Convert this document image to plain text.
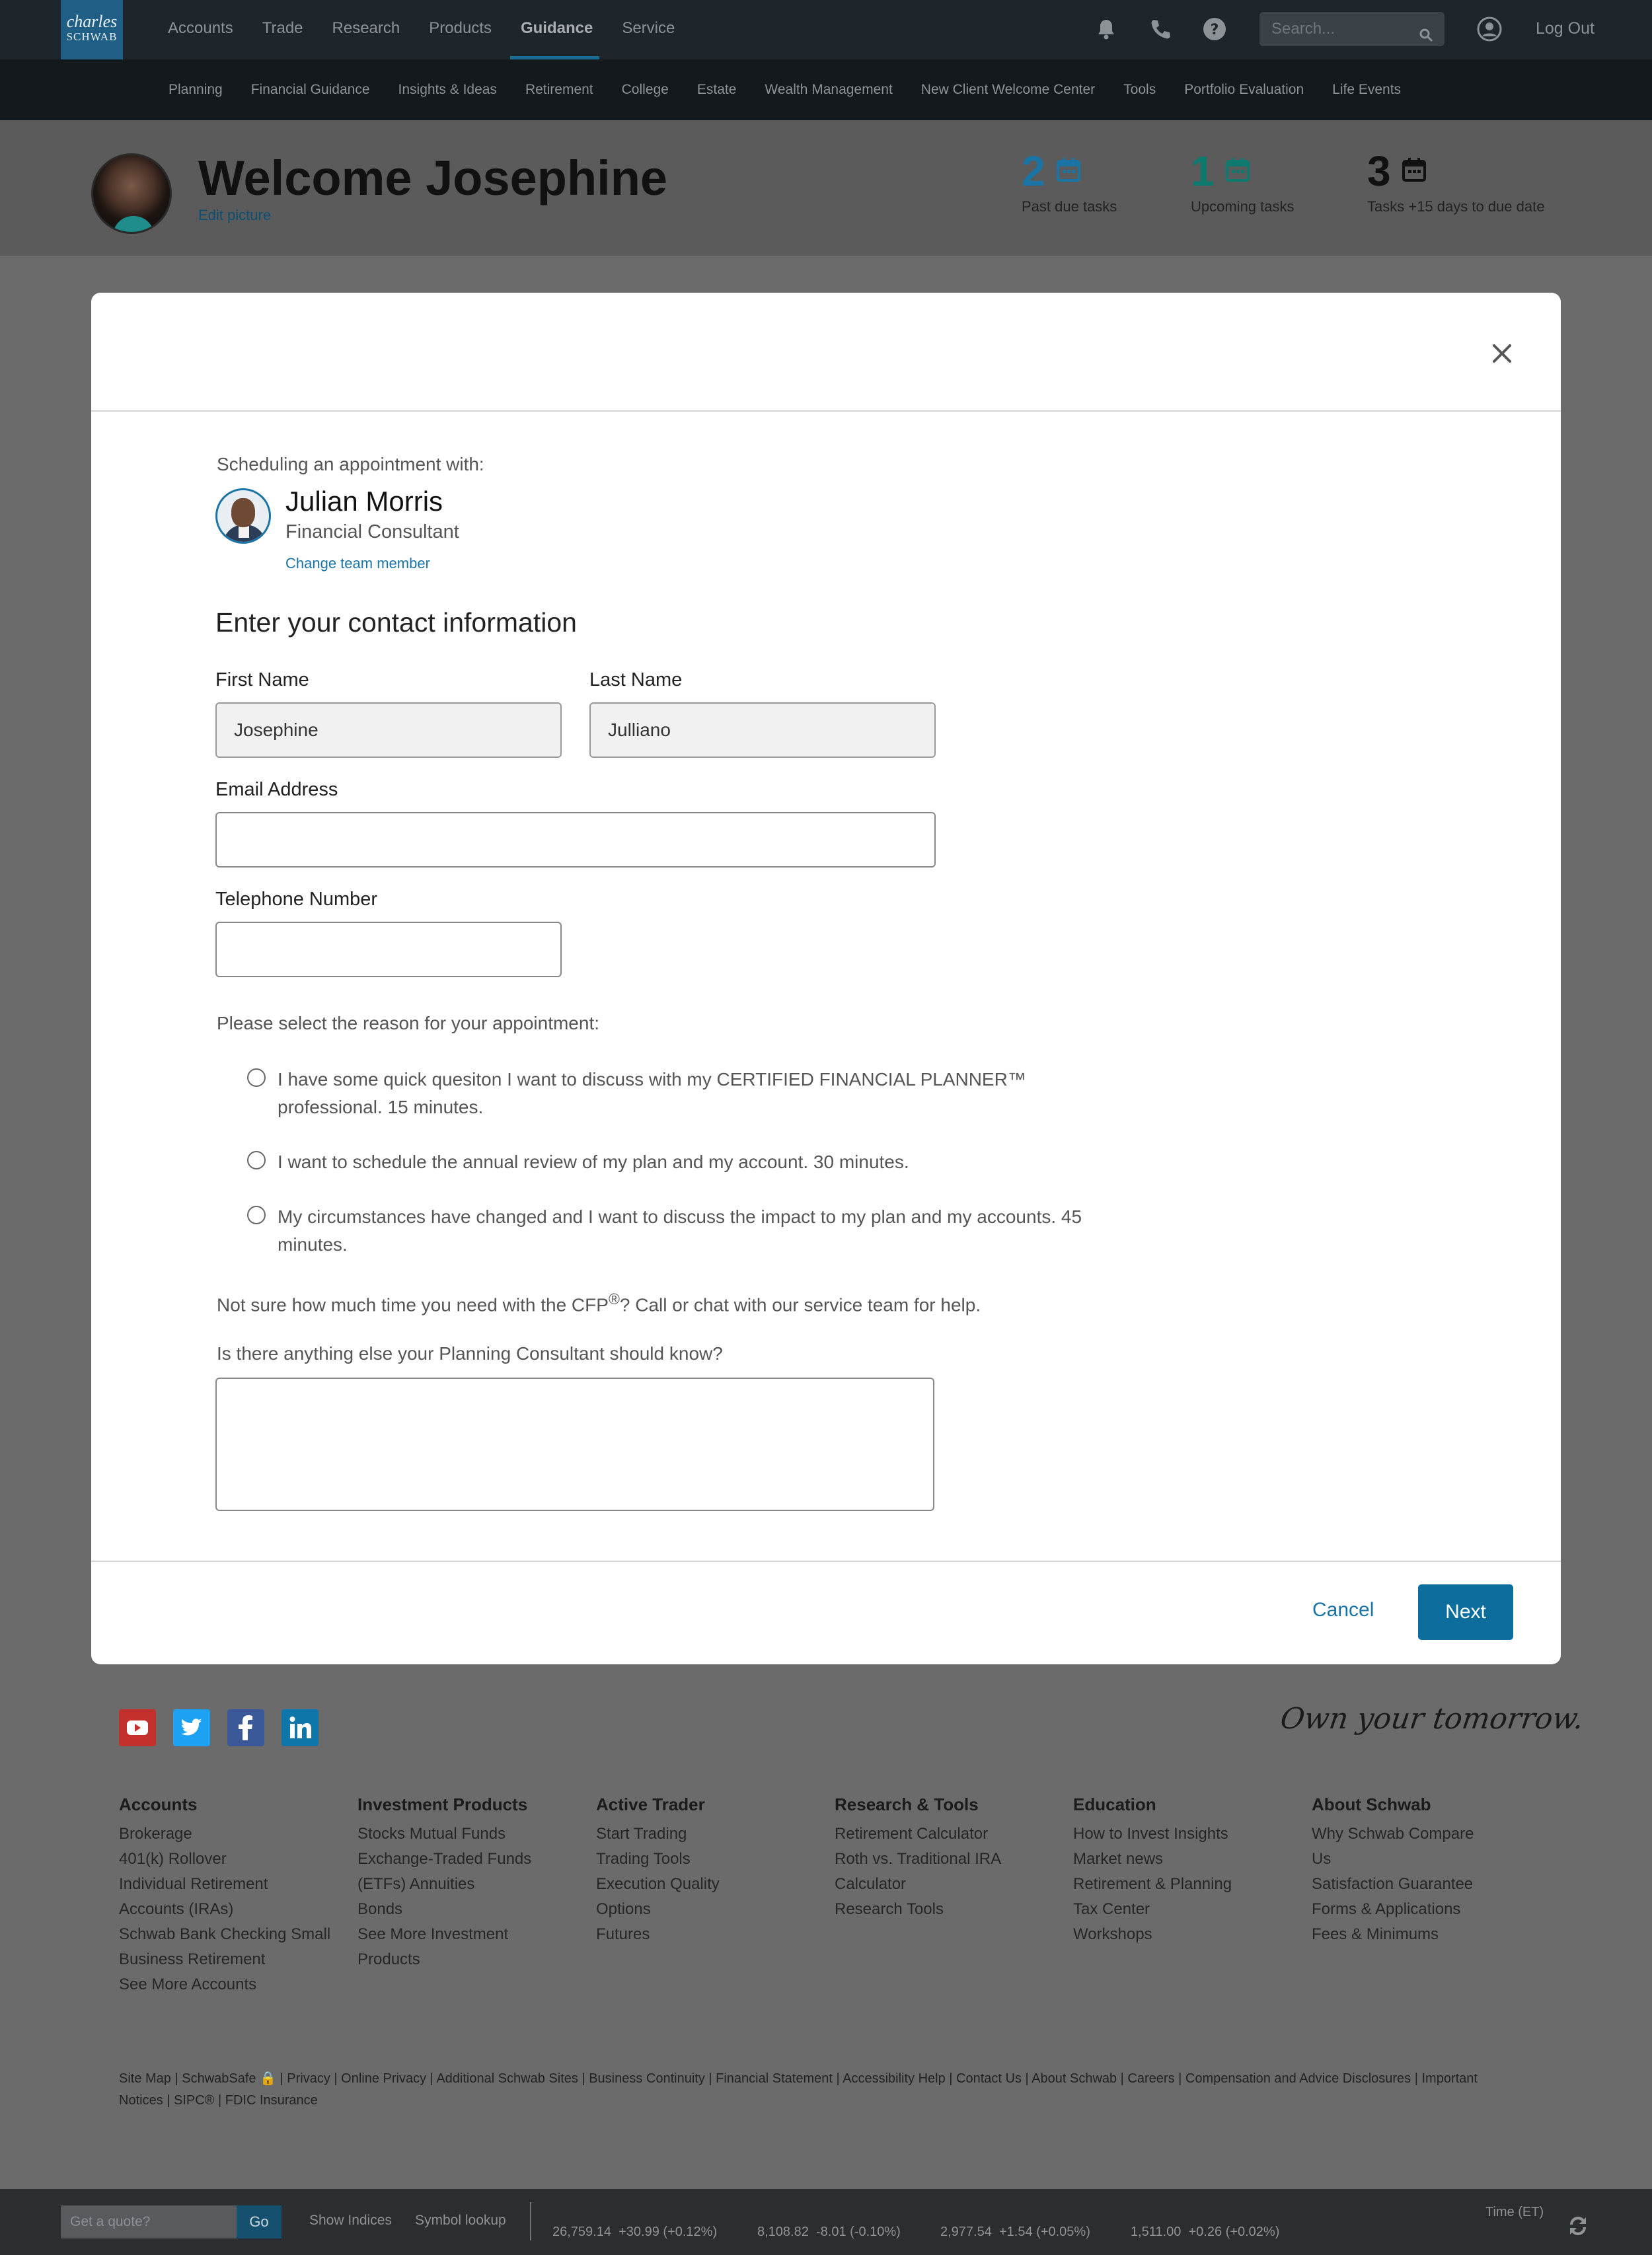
charles
SCHWAB	Accounts Trade Research Products Guidance Service	?	Search...	Log Out
Planning Financial Guidance Insights & Ideas Retirement College Estate Wealth Management New Client Welcome Center Tools Portfolio Evaluation Life Events
Welcome Josephine
Edit picture
2
Past due tasks
1
Upcoming tasks
3
Tasks +15 days to due date
Scheduling an appointment with:
Julian Morris
Financial Consultant
Change team member
Enter your contact information
First Name
Josephine
Last Name
Julliano
Email Address
Telephone Number
Please select the reason for your appointment:
I have some quick quesiton I want to discuss with my CERTIFIED FINANCIAL PLANNER™ professional. 15 minutes.
I want to schedule the annual review of my plan and my account. 30 minutes.
My circumstances have changed and I want to discuss the impact to my plan and my accounts. 45 minutes.
Not sure how much time you need with the CFP®? Call or chat with our service team for help.
Is there anything else your Planning Consultant should know?
Cancel	Next
Own your tomorrow.
Accounts
Brokerage
401(k) Rollover
Individual Retirement
Accounts (IRAs)
Schwab Bank Checking Small
Business Retirement
See More Accounts
Investment Products
Stocks Mutual Funds
Exchange-Traded Funds
(ETFs) Annuities
Bonds
See More Investment
Products
Active Trader
Start Trading
Trading Tools
Execution Quality
Options
Futures
Research & Tools
Retirement Calculator
Roth vs. Traditional IRA
Calculator
Research Tools
Education
How to Invest Insights
Market news
Retirement & Planning
Tax Center
Workshops
About Schwab
Why Schwab Compare
Us
Satisfaction Guarantee
Forms & Applications
Fees & Minimums
Site Map | SchwabSafe 🔒 | Privacy | Online Privacy | Additional Schwab Sites | Business Continuity | Financial Statement | Accessibility Help | Contact Us | About Schwab | Careers | Compensation and Advice Disclosures | Important
Notices | SIPC® | FDIC Insurance
Get a quote?	Go	Show Indices Symbol lookup
26,759.14 +30.99 (+0.12%)	8,108.82 -8.01 (-0.10%)	2,977.54 +1.54 (+0.05%)	1,511.00 +0.26 (+0.02%)
Time (ET)
